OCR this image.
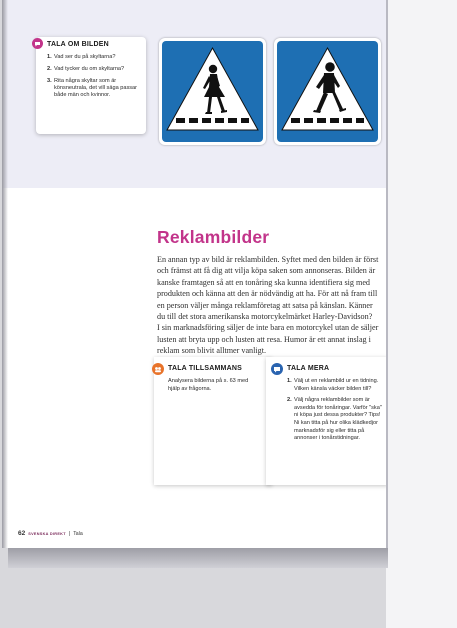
TALA OM BILDEN
1. Vad ser du på skyltarna?
2. Vad tycker du om skyltarna?
3. Rita några skyltar som är könsneutrala, det vill säga passar både män och kvinnor.
Reklambilder
En annan typ av bild är reklambilden. Syftet med den bilden är först
och främst att få dig att vilja köpa saken som annonseras. Bilden är
kanske framtagen så att en tonåring ska kunna identifiera sig med
produkten och känna att den är nödvändig att ha. För att nå fram till
en person väljer många reklamföretag att satsa på känslan. Känner
du till det stora amerikanska motorcykelmärket Harley-Davidson?
I sin marknadsföring säljer de inte bara en motorcykel utan de säljer
lusten att bryta upp och lusten att resa. Humor är ett annat inslag i
reklam som blivit alltmer vanligt.
TALA TILLSAMMANS
Analysera bilderna på s. 63 med hjälp av frågorna.
TALA MERA

1. Välj ut en reklambild ur en tidning. Vilken känsla väcker bilden till?

2. Välj några reklambilder som är avsedda för tonåringar. Varför "ska" ni köpa just dessa produkter? Tips! Ni kan titta på hur olika klädkedjor marknadsför sig eller titta på annonser i tonårstidningar.

62 SVENSKA DIREKT | Tala
